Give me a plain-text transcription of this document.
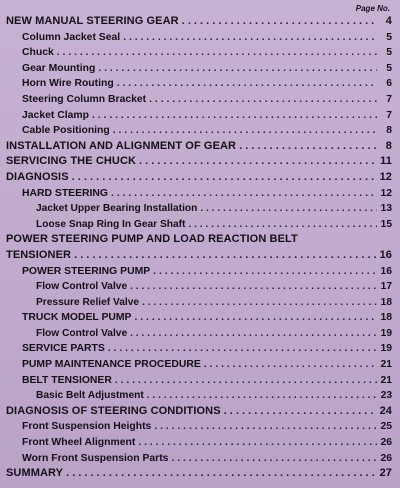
Page No.
NEW MANUAL STEERING GEAR . . .	4
Column Jacket Seal . . .	5
Chuck . . .	5
Gear Mounting . . .	5
Horn Wire Routing . . .	6
Steering Column Bracket . . .	7
Jacket Clamp . . .	7
Cable Positioning . . .	8
INSTALLATION AND ALIGNMENT OF GEAR . . .	8
SERVICING THE CHUCK . . .	11
DIAGNOSIS . . .	12
HARD STEERING . . .	12
Jacket Upper Bearing Installation . . .	13
Loose Snap Ring In Gear Shaft . . .	15
POWER STEERING PUMP AND LOAD REACTION BELT
TENSIONER . . .	16
POWER STEERING PUMP . . .	16
Flow Control Valve . . .	17
Pressure Relief Valve . . .	18
TRUCK MODEL PUMP . . .	18
Flow Control Valve . . .	19
SERVICE PARTS . . .	19
PUMP MAINTENANCE PROCEDURE . . .	21
BELT TENSIONER . . .	21
Basic Belt Adjustment . . .	23
DIAGNOSIS OF STEERING CONDITIONS . . .	24
Front Suspension Heights . . .	25
Front Wheel Alignment . . .	26
Worn Front Suspension Parts . . .	26
SUMMARY . . .	27
